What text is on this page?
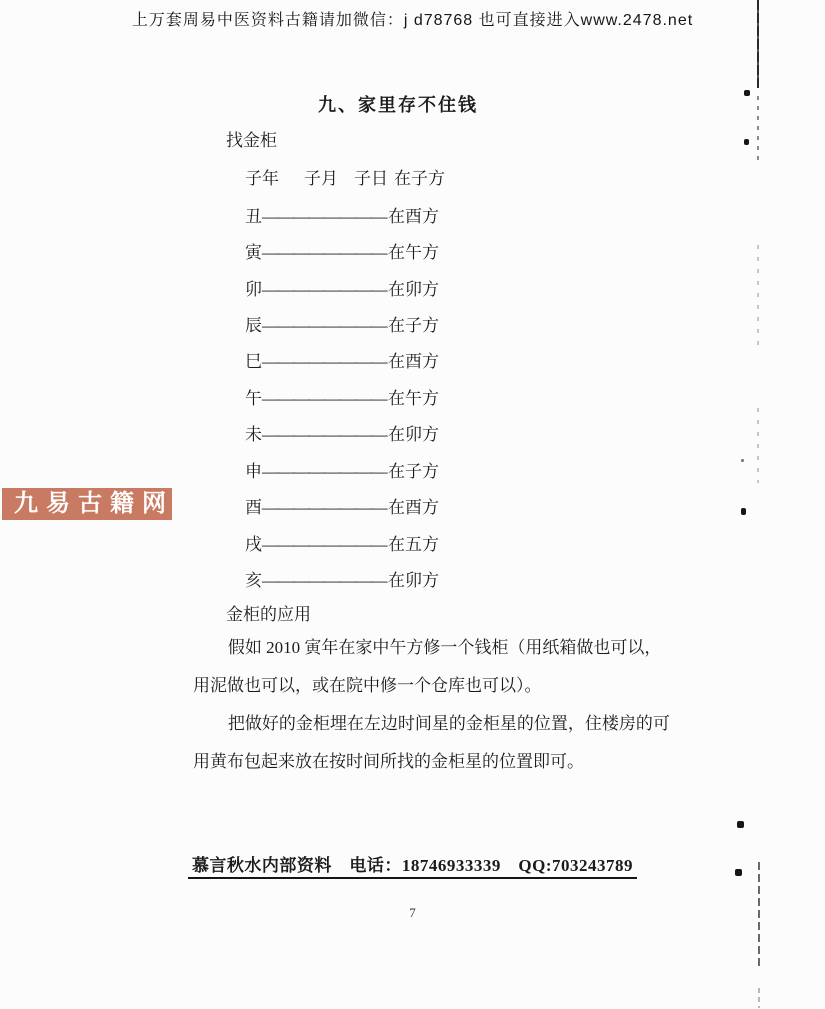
上万套周易中医资料古籍请加微信：j d78768 也可直接进入www.2478.net
九、家里存不住钱
找金柜
子年 子月 子日 在子方
丑———————— 在酉方
寅———————— 在午方
卯———————— 在卯方
辰———————— 在子方
巳———————— 在酉方
午———————— 在午方
未———————— 在卯方
申———————— 在子方
酉———————— 在酉方
戌———————— 在五方
亥———————— 在卯方
金柜的应用

假如 2010 寅年在家中午方修一个钱柜（用纸箱做也可以，用泥做也可以，或在院中修一个仓库也可以）。

把做好的金柜埋在左边时间星的金柜星的位置，住楼房的可用黄布包起来放在按时间所找的金柜星的位置即可。

慕言秋水内部资料　电话：18746933339　QQ:703243789
7
九易古籍网
